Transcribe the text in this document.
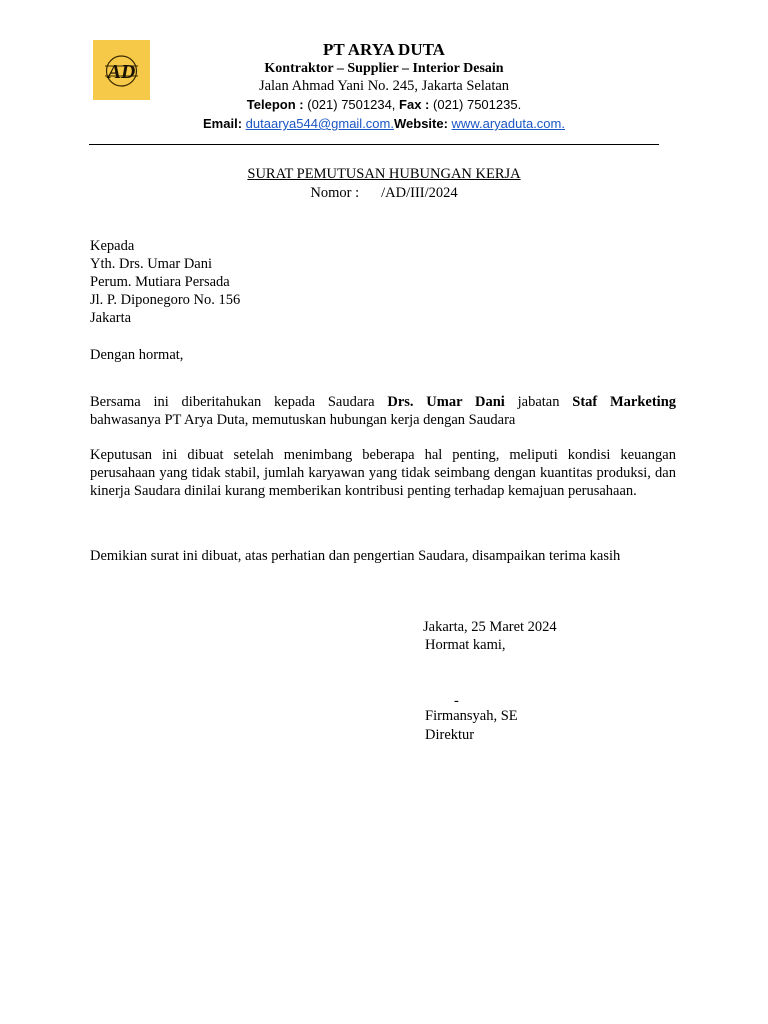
AD
PT ARYA DUTA
Kontraktor – Supplier – Interior Desain
Jalan Ahmad Yani No. 245, Jakarta Selatan
Telepon : (021) 7501234, Fax : (021) 7501235.
Email: dutaarya544@gmail.com.Website: www.aryaduta.com.
SURAT PEMUTUSAN HUBUNGAN KERJA
Nomor : /AD/III/2024
Kepada
Yth. Drs. Umar Dani
Perum. Mutiara Persada
Jl. P. Diponegoro No. 156
Jakarta
Dengan hormat,
Bersama ini diberitahukan kepada Saudara Drs. Umar Dani jabatan Staf Marketing
bahwasanya PT Arya Duta, memutuskan hubungan kerja dengan Saudara
Keputusan ini dibuat setelah menimbang beberapa hal penting, meliputi kondisi keuangan perusahaan yang tidak stabil, jumlah karyawan yang tidak seimbang dengan kuantitas produksi, dan kinerja Saudara dinilai kurang memberikan kontribusi penting terhadap kemajuan perusahaan.
Demikian surat ini dibuat, atas perhatian dan pengertian Saudara, disampaikan terima kasih
Jakarta, 25 Maret 2024
Hormat kami,
-
Firmansyah, SE
Direktur
